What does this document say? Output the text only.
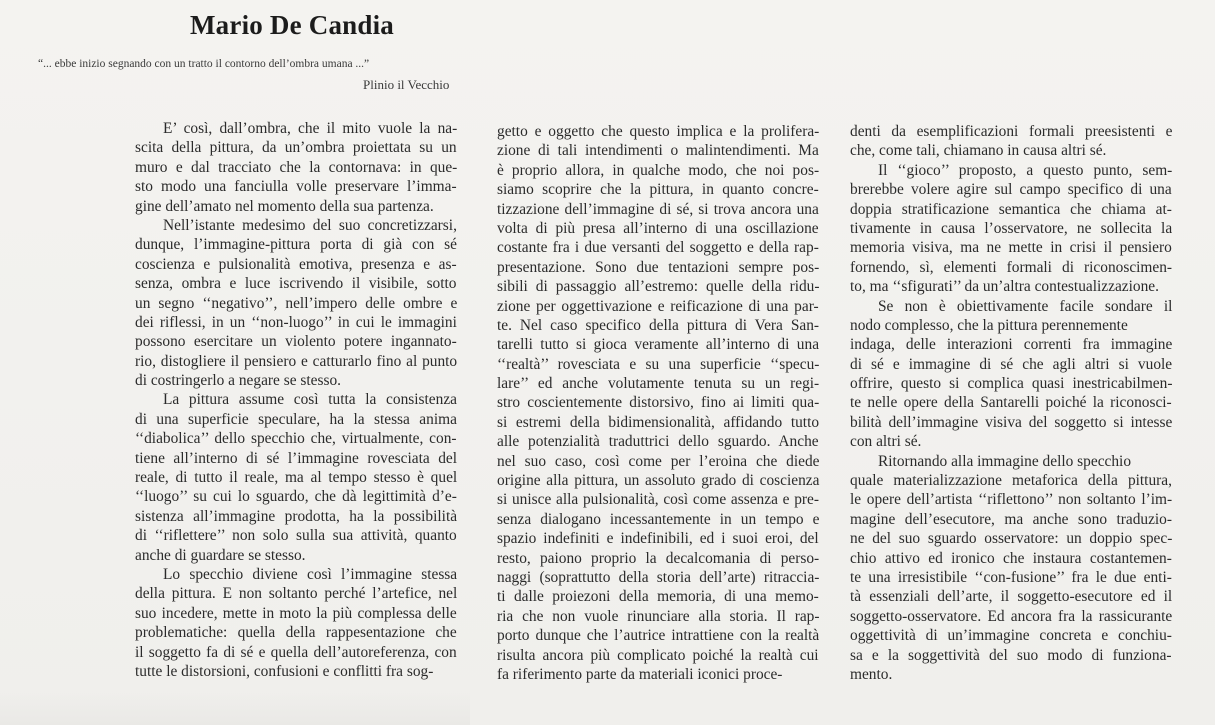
Mario De Candia
“... ebbe inizio segnando con un tratto il contorno dell’ombra umana ...”
Plinio il Vecchio
E’ così, dall’ombra, che il mito vuole la na-
scita della pittura, da un’ombra proiettata su un
muro e dal tracciato che la contornava: in que-
sto modo una fanciulla volle preservare l’imma-
gine dell’amato nel momento della sua partenza.
Nell’istante medesimo del suo concretizzarsi,
dunque, l’immagine-pittura porta di già con sé
coscienza e pulsionalità emotiva, presenza e as-
senza, ombra e luce iscrivendo il visibile, sotto
un segno ‘‘negativo’’, nell’impero delle ombre e
dei riflessi, in un ‘‘non-luogo’’ in cui le immagini
possono esercitare un violento potere ingannato-
rio, distogliere il pensiero e catturarlo fino al punto
di costringerlo a negare se stesso.
La pittura assume così tutta la consistenza
di una superficie speculare, ha la stessa anima
‘‘diabolica’’ dello specchio che, virtualmente, con-
tiene all’interno di sé l’immagine rovesciata del
reale, di tutto il reale, ma al tempo stesso è quel
‘‘luogo’’ su cui lo sguardo, che dà legittimità d’e-
sistenza all’immagine prodotta, ha la possibilità
di ‘‘riflettere’’ non solo sulla sua attività, quanto
anche di guardare se stesso.
Lo specchio diviene così l’immagine stessa
della pittura. E non soltanto perché l’artefice, nel
suo incedere, mette in moto la più complessa delle
problematiche: quella della rappesentazione che
il soggetto fa di sé e quella dell’autoreferenza, con
tutte le distorsioni, confusioni e conflitti fra sog-
getto e oggetto che questo implica e la prolifera-
zione di tali intendimenti o malintendimenti. Ma
è proprio allora, in qualche modo, che noi pos-
siamo scoprire che la pittura, in quanto concre-
tizzazione dell’immagine di sé, si trova ancora una
volta di più presa all’interno di una oscillazione
costante fra i due versanti del soggetto e della rap-
presentazione. Sono due tentazioni sempre pos-
sibili di passaggio all’estremo: quelle della ridu-
zione per oggettivazione e reificazione di una par-
te. Nel caso specifico della pittura di Vera San-
tarelli tutto si gioca veramente all’interno di una
‘‘realtà’’ rovesciata e su una superficie ‘‘specu-
lare’’ ed anche volutamente tenuta su un regi-
stro coscientemente distorsivo, fino ai limiti qua-
si estremi della bidimensionalità, affidando tutto
alle potenzialità traduttrici dello sguardo. Anche
nel suo caso, così come per l’eroina che diede
origine alla pittura, un assoluto grado di coscienza
si unisce alla pulsionalità, così come assenza e pre-
senza dialogano incessantemente in un tempo e
spazio indefiniti e indefinibili, ed i suoi eroi, del
resto, paiono proprio la decalcomania di perso-
naggi (soprattutto della storia dell’arte) ritraccia-
ti dalle proiezoni della memoria, di una memo-
ria che non vuole rinunciare alla storia. Il rap-
porto dunque che l’autrice intrattiene con la realtà
risulta ancora più complicato poiché la realtà cui
fa riferimento parte da materiali iconici proce-
denti da esemplificazioni formali preesistenti e
che, come tali, chiamano in causa altri sé.
Il ‘‘gioco’’ proposto, a questo punto, sem-
brerebbe volere agire sul campo specifico di una
doppia stratificazione semantica che chiama at-
tivamente in causa l’osservatore, ne sollecita la
memoria visiva, ma ne mette in crisi il pensiero
fornendo, sì, elementi formali di riconoscimen-
to, ma ‘‘sfigurati’’ da un’altra contestualizzazione.
Se non è obiettivamente facile sondare il
nodo complesso, che la pittura perennemente
indaga, delle interazioni correnti fra immagine
di sé e immagine di sé che agli altri si vuole
offrire, questo si complica quasi inestricabilmen-
te nelle opere della Santarelli poiché la riconosci-
bilità dell’immagine visiva del soggetto si intesse
con altri sé.
Ritornando alla immagine dello specchio
quale materializzazione metaforica della pittura,
le opere dell’artista ‘‘riflettono’’ non soltanto l’im-
magine dell’esecutore, ma anche sono traduzio-
ne del suo sguardo osservatore: un doppio spec-
chio attivo ed ironico che instaura costantemen-
te una irresistibile ‘‘con-fusione’’ fra le due enti-
tà essenziali dell’arte, il soggetto-esecutore ed il
soggetto-osservatore. Ed ancora fra la rassicurante
oggettività di un’immagine concreta e conchiu-
sa e la soggettività del suo modo di funziona-
mento.
